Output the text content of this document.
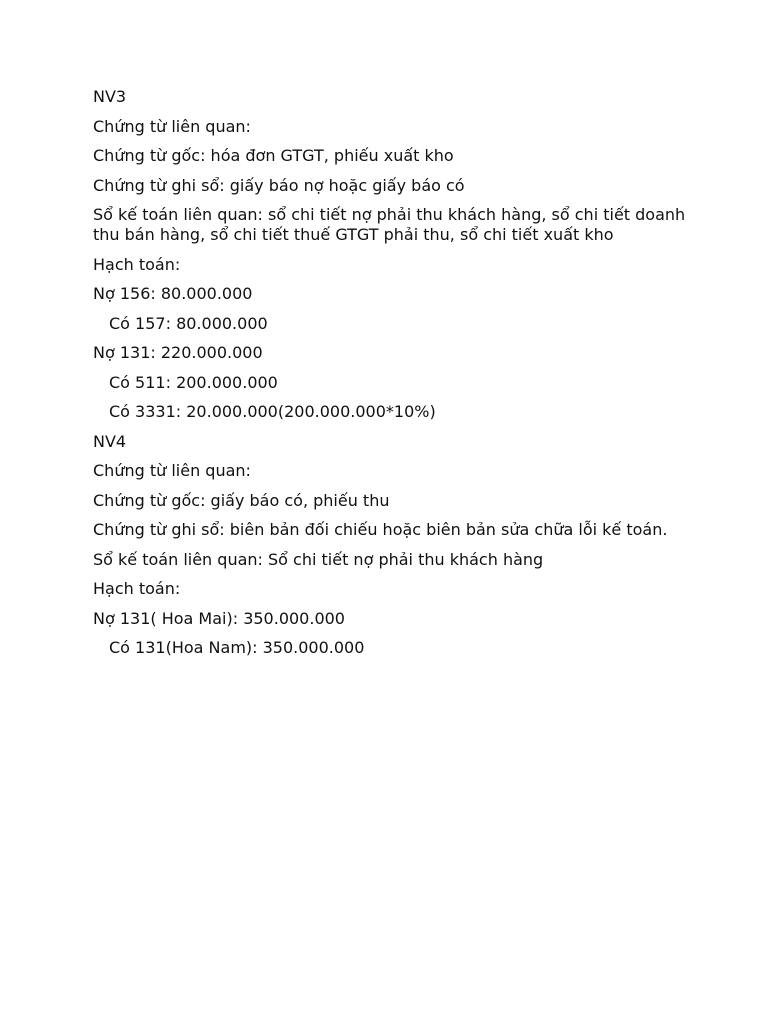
NV3

Chứng từ liên quan:

Chứng từ gốc: hóa đơn GTGT, phiếu xuất kho

Chứng từ ghi sổ: giấy báo nợ hoặc giấy báo có

Sổ kế toán liên quan: sổ chi tiết nợ phải thu khách hàng, sổ chi tiết doanh thu bán hàng, sổ chi tiết thuế GTGT phải thu, sổ chi tiết xuất kho

Hạch toán:

Nợ 156: 80.000.000

Có 157: 80.000.000

Nợ 131: 220.000.000

Có 511: 200.000.000

Có 3331: 20.000.000(200.000.000*10%)

NV4

Chứng từ liên quan:

Chứng từ gốc: giấy báo có, phiếu thu

Chứng từ ghi sổ: biên bản đối chiếu hoặc biên bản sửa chữa lỗi kế toán.

Sổ kế toán liên quan: Sổ chi tiết nợ phải thu khách hàng

Hạch toán:

Nợ 131( Hoa Mai): 350.000.000

Có 131(Hoa Nam): 350.000.000
